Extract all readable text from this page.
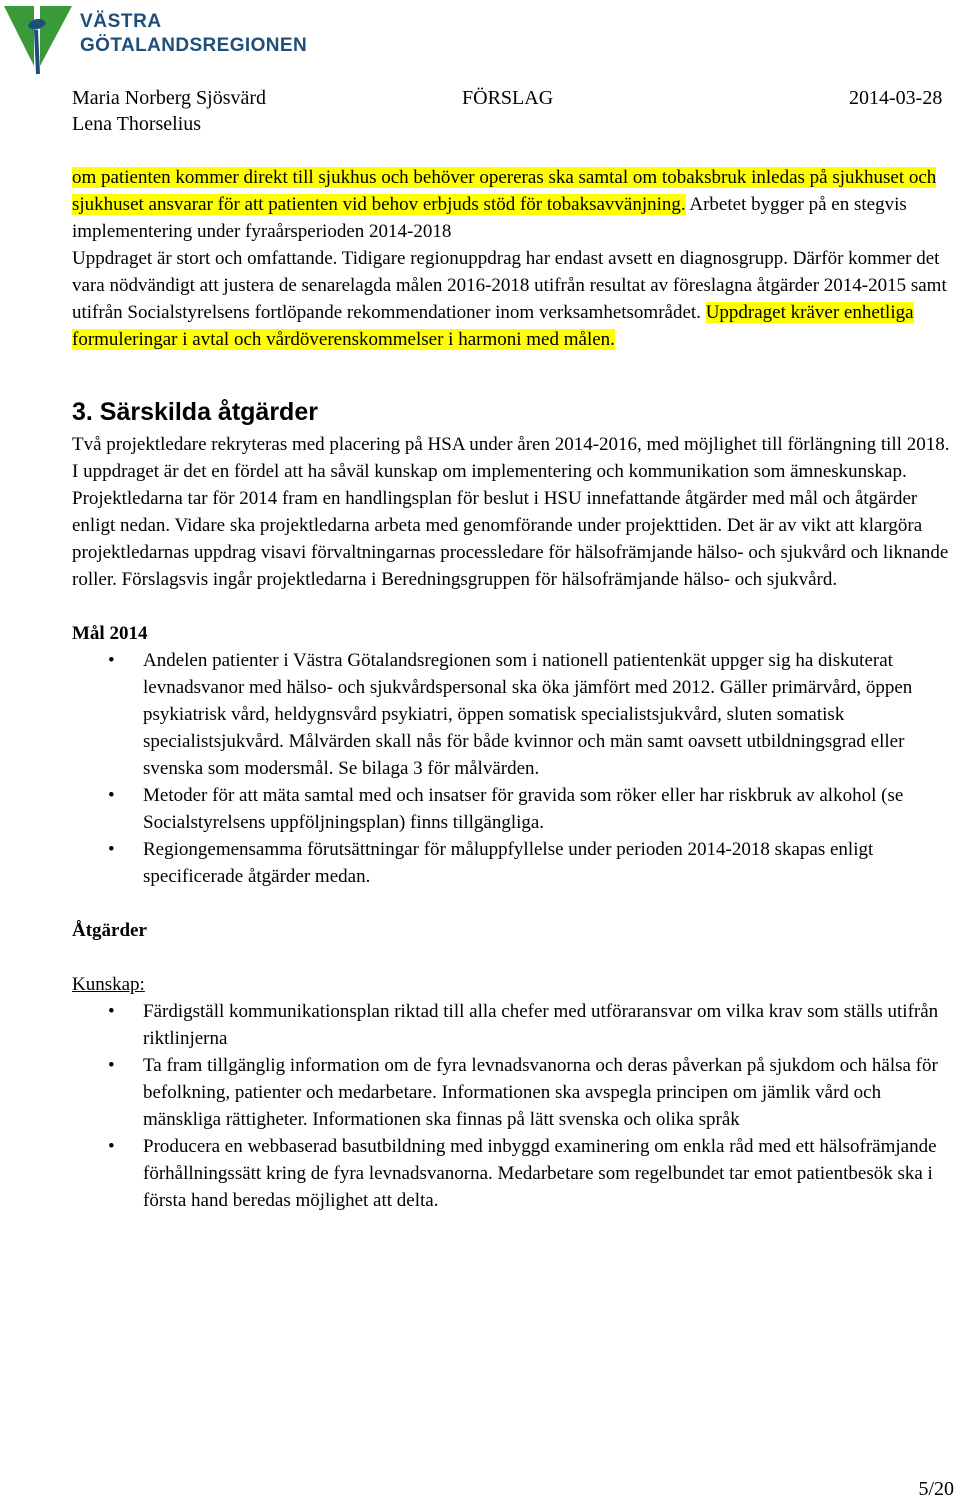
VÄSTRA
GÖTALANDSREGIONEN
Maria Norberg Sjösvärd
Lena Thorselius
FÖRSLAG	2014-03-28

om patienten kommer direkt till sjukhus och behöver opereras ska samtal om tobaksbruk inledas på sjukhuset och sjukhuset ansvarar för att patienten vid behov erbjuds stöd för tobaksavvänjning. Arbetet bygger på en stegvis implementering under fyraårsperioden 2014-2018

Uppdraget är stort och omfattande. Tidigare regionuppdrag har endast avsett en diagnosgrupp. Därför kommer det vara nödvändigt att justera de senarelagda målen 2016-2018 utifrån resultat av föreslagna åtgärder 2014-2015 samt utifrån Socialstyrelsens fortlöpande rekommendationer inom verksamhetsområdet. Uppdraget kräver enhetliga formuleringar i avtal och vårdöverenskommelser i harmoni med målen.

3. Särskilda åtgärder

Två projektledare rekryteras med placering på HSA under åren 2014-2016, med möjlighet till förlängning till 2018. I uppdraget är det en fördel att ha såväl kunskap om implementering och kommunikation som ämneskunskap. Projektledarna tar för 2014 fram en handlingsplan för beslut i HSU innefattande åtgärder med mål och åtgärder enligt nedan. Vidare ska projektledarna arbeta med genomförande under projekttiden. Det är av vikt att klargöra projektledarnas uppdrag visavi förvaltningarnas processledare för hälsofrämjande hälso- och sjukvård och liknande roller. Förslagsvis ingår projektledarna i Beredningsgruppen för hälsofrämjande hälso- och sjukvård.

Mål 2014

• Andelen patienter i Västra Götalandsregionen som i nationell patientenkät uppger sig ha diskuterat levnadsvanor med hälso- och sjukvårdspersonal ska öka jämfört med 2012. Gäller primärvård, öppen psykiatrisk vård, heldygnsvård psykiatri, öppen somatisk specialistsjukvård, sluten somatisk specialistsjukvård. Målvärden skall nås för både kvinnor och män samt oavsett utbildningsgrad eller svenska som modersmål. Se bilaga 3 för målvärden.
• Metoder för att mäta samtal med och insatser för gravida som röker eller har riskbruk av alkohol (se Socialstyrelsens uppföljningsplan) finns tillgängliga.
• Regiongemensamma förutsättningar för måluppfyllelse under perioden 2014-2018 skapas enligt specificerade åtgärder medan.

Åtgärder

Kunskap:

• Färdigställ kommunikationsplan riktad till alla chefer med utföraransvar om vilka krav som ställs utifrån riktlinjerna
• Ta fram tillgänglig information om de fyra levnadsvanorna och deras påverkan på sjukdom och hälsa för befolkning, patienter och medarbetare. Informationen ska avspegla principen om jämlik vård och mänskliga rättigheter. Informationen ska finnas på lätt svenska och olika språk
• Producera en webbaserad basutbildning med inbyggd examinering om enkla råd med ett hälsofrämjande förhållningssätt kring de fyra levnadsvanorna. Medarbetare som regelbundet tar emot patientbesök ska i första hand beredas möjlighet att delta.
5/20
